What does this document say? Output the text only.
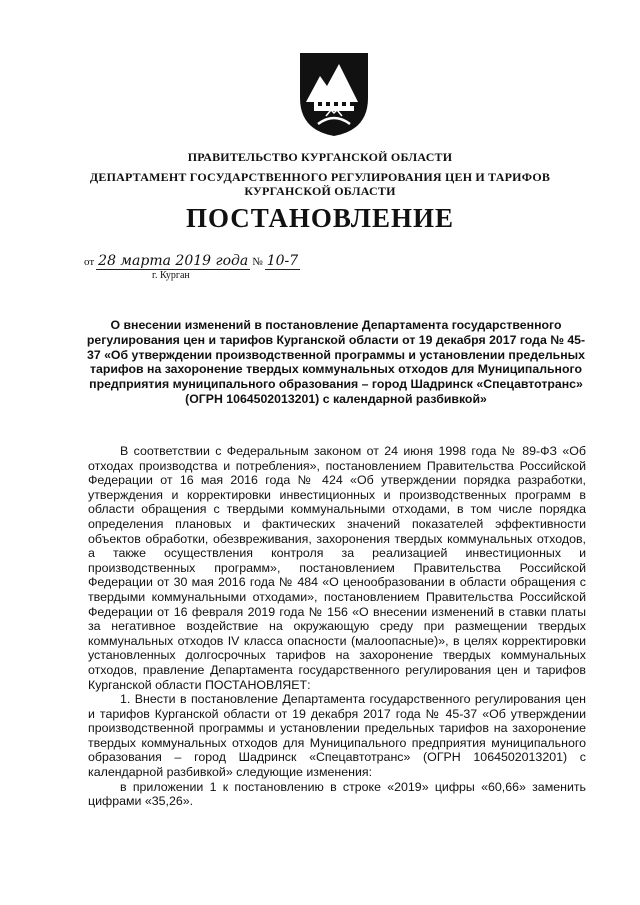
ПРАВИТЕЛЬСТВО КУРГАНСКОЙ ОБЛАСТИ
ДЕПАРТАМЕНТ ГОСУДАРСТВЕННОГО РЕГУЛИРОВАНИЯ ЦЕН И ТАРИФОВ
КУРГАНСКОЙ ОБЛАСТИ
ПОСТАНОВЛЕНИЕ
от 28 марта 2019 года № 10-7
г. Курган
О внесении изменений в постановление Департамента государственного регулирования цен и тарифов Курганской области от 19 декабря 2017 года № 45-37 «Об утверждении производственной программы и установлении предельных тарифов на захоронение твердых коммунальных отходов для Муниципального предприятия муниципального образования – город Шадринск «Спецавтотранс» (ОГРН 1064502013201) с календарной разбивкой»

В соответствии с Федеральным законом от 24 июня 1998 года № 89-ФЗ «Об отходах производства и потребления», постановлением Правительства Российской Федерации от 16 мая 2016 года № 424 «Об утверждении порядка разработки, утверждения и корректировки инвестиционных и производственных программ в области обращения с твердыми коммунальными отходами, в том числе порядка определения плановых и фактических значений показателей эффективности объектов обработки, обезвреживания, захоронения твердых коммунальных отходов, а также осуществления контроля за реализацией инвестиционных и производственных программ», постановлением Правительства Российской Федерации от 30 мая 2016 года № 484 «О ценообразовании в области обращения с твердыми коммунальными отходами», постановлением Правительства Российской Федерации от 16 февраля 2019 года № 156 «О внесении изменений в ставки платы за негативное воздействие на окружающую среду при размещении твердых коммунальных отходов IV класса опасности (малоопасные)», в целях корректировки установленных долгосрочных тарифов на захоронение твердых коммунальных отходов, правление Департамента государственного регулирования цен и тарифов Курганской области ПОСТАНОВЛЯЕТ:

1. Внести в постановление Департамента государственного регулирования цен и тарифов Курганской области от 19 декабря 2017 года № 45-37 «Об утверждении производственной программы и установлении предельных тарифов на захоронение твердых коммунальных отходов для Муниципального предприятия муниципального образования – город Шадринск «Спецавтотранс» (ОГРН 1064502013201) с календарной разбивкой» следующие изменения:

в приложении 1 к постановлению в строке «2019» цифры «60,66» заменить цифрами «35,26».
